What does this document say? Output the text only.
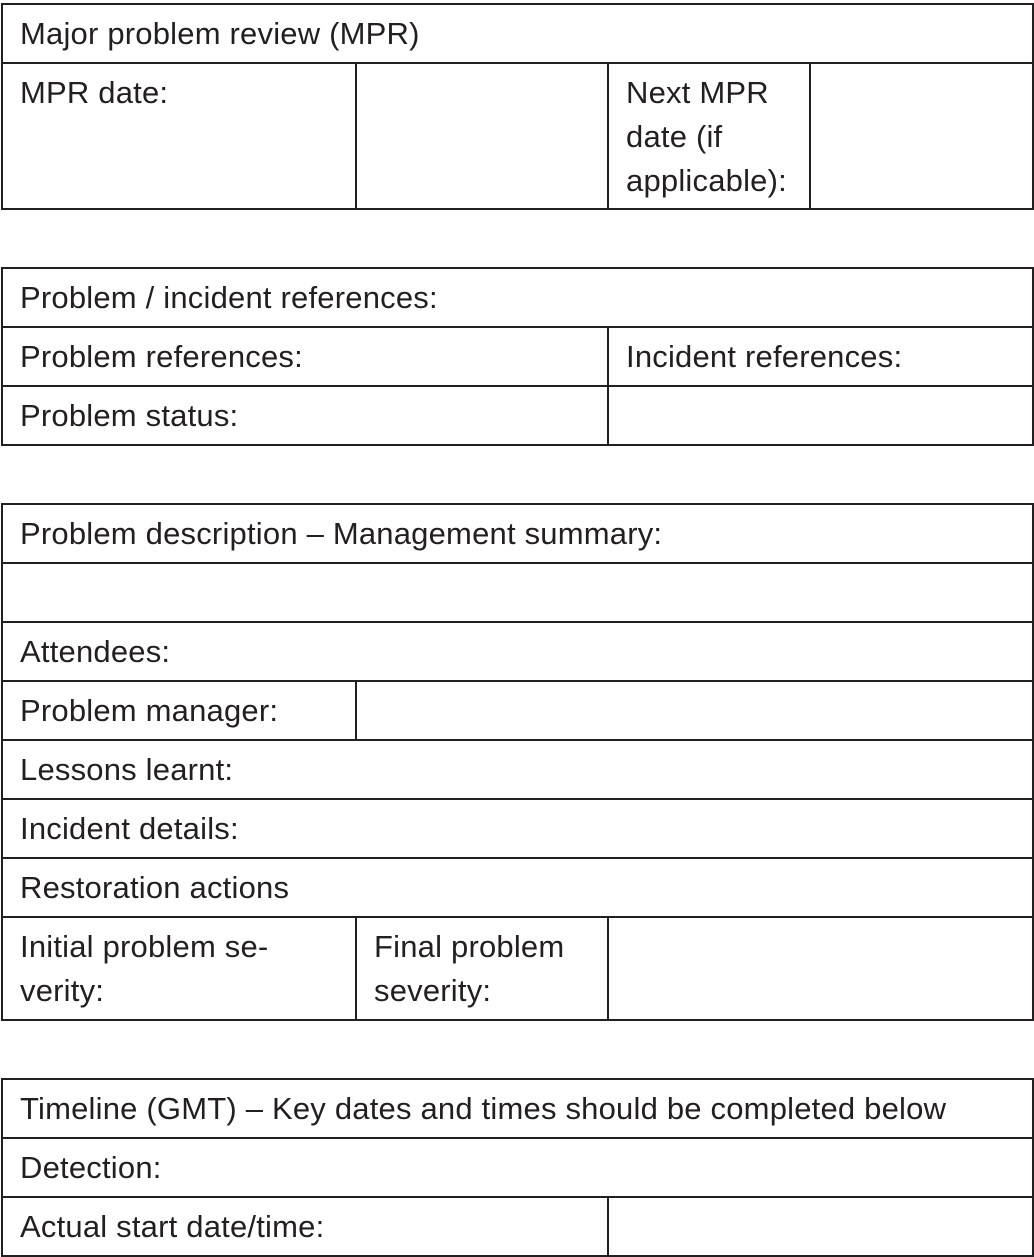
Major problem review (MPR)
MPR date:		Next MPR
date (if
applicable):	
Problem / incident references:	
Problem references:	Incident references:
Problem status:	
Problem description – Management summary:		

Attendees:		
Problem manager:		
Lessons learnt:		
Incident details:		
Restoration actions		
Initial problem se-
verity:	Final problem
severity:	
Timeline (GMT) – Key dates and times should be completed below
Detection:
Actual start date/time:	
